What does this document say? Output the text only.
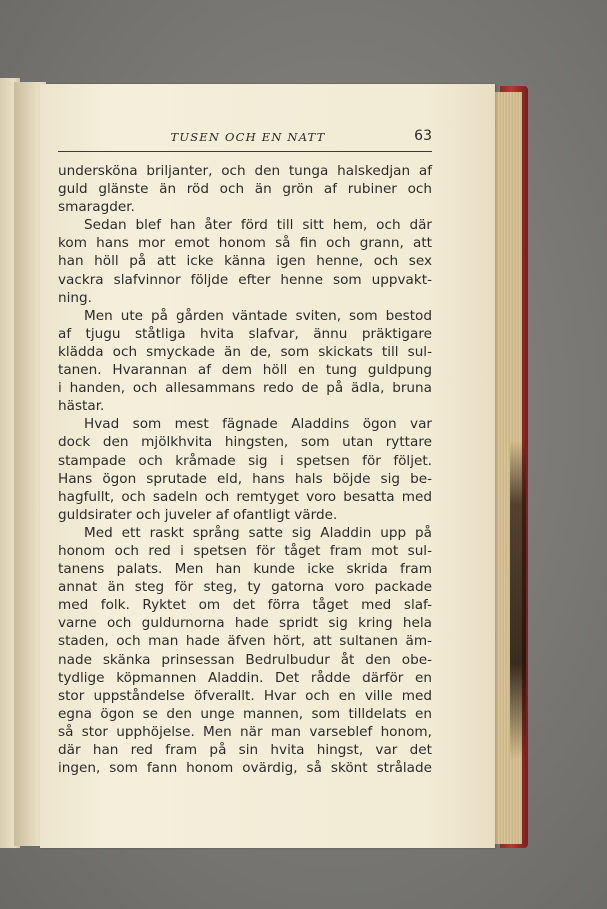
TUSEN OCH EN NATT	63
underskönа briljanter, och den tunga halskedjan af
guld glänste än röd och än grön af rubiner och
smaragder.
Sedan blef han åter förd till sitt hem, och där
kom hans mor emot honom så fin och grann, att
han höll på att icke känna igen henne, och sex
vackra slafvinnor följde efter henne som uppvakt-
ning.
Men ute på gården väntade sviten, som bestod
af tjugu ståtliga hvita slafvar, ännu präktigare
klädda och smyckade än de, som skickats till sul-
tanen. Hvarannan af dem höll en tung guldpung
i handen, och allesammans redo de på ädla, bruna
hästar.
Hvad som mest fägnade Aladdins ögon var
dock den mjölkhvita hingsten, som utan ryttare
stampade och kråmade sig i spetsen för följet.
Hans ögon sprutade eld, hans hals böjde sig be-
hagfullt, och sadeln och remtyget voro besatta med
guldsirater och juveler af ofantligt värde.
Med ett raskt språng satte sig Aladdin upp på
honom och red i spetsen för tåget fram mot sul-
tanens palats. Men han kunde icke skrida fram
annat än steg för steg, ty gatorna voro packade
med folk. Ryktet om det förra tåget med slaf-
varne och guldurnorna hade spridt sig kring hela
staden, och man hade äfven hört, att sultanen äm-
nade skänka prinsessan Bedrulbudur åt den obe-
tydlige köpmannen Aladdin. Det rådde därför en
stor uppståndelse öfverallt. Hvar och en ville med
egna ögon se den unge mannen, som tilldelats en
så stor upphöjelse. Men när man varseblef honom,
där han red fram på sin hvita hingst, var det
ingen, som fann honom ovärdig, så skönt strålade
